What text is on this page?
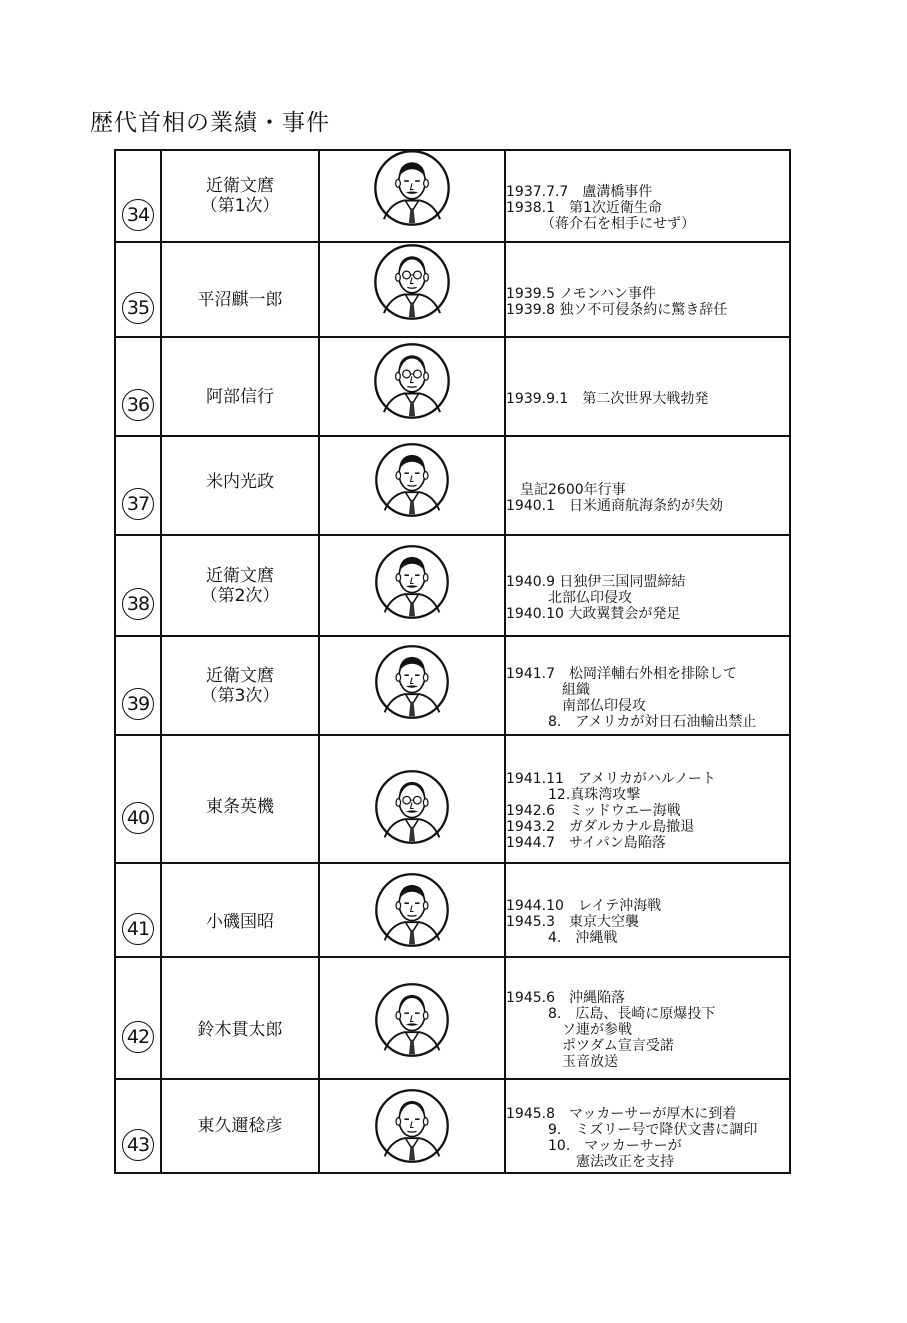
歴代首相の業績・事件
34	近衛文麿
（第1次）		1937.7.7　盧溝橋事件
1938.1　第1次近衛生命
　　　（蒋介石を相手にせず）

35	平沼麒一郎		1939.5 ノモンハン事件
1939.8 独ソ不可侵条約に驚き辞任

36	阿部信行		1939.9.1　第二次世界大戦勃発

37	米内光政		　皇記2600年行事
1940.1　日米通商航海条約が失効

38	近衛文麿
（第2次）		1940.9 日独伊三国同盟締結
　　　北部仏印侵攻
1940.10 大政翼賛会が発足

39	近衛文麿
（第3次）		1941.7　松岡洋輔右外相を排除して
　　　　組織
　　　　南部仏印侵攻
　　　8.　アメリカが対日石油輸出禁止

40	東条英機		1941.11　アメリカがハルノート
　　　12.真珠湾攻撃
1942.6　ミッドウエー海戦
1943.2　ガダルカナル島撤退
1944.7　サイパン島陥落

41	小磯国昭		1944.10　レイテ沖海戦
1945.3　東京大空襲
　　　4.　沖縄戦

42	鈴木貫太郎		1945.6　沖縄陥落
　　　8.　広島、長崎に原爆投下
　　　　ソ連が参戦
　　　　ポツダム宣言受諾
　　　　玉音放送

43	東久邇稔彦		1945.8　マッカーサーが厚木に到着
　　　9.　ミズリー号で降伏文書に調印
　　　10.　マッカーサーが
　　　　　憲法改正を支持
